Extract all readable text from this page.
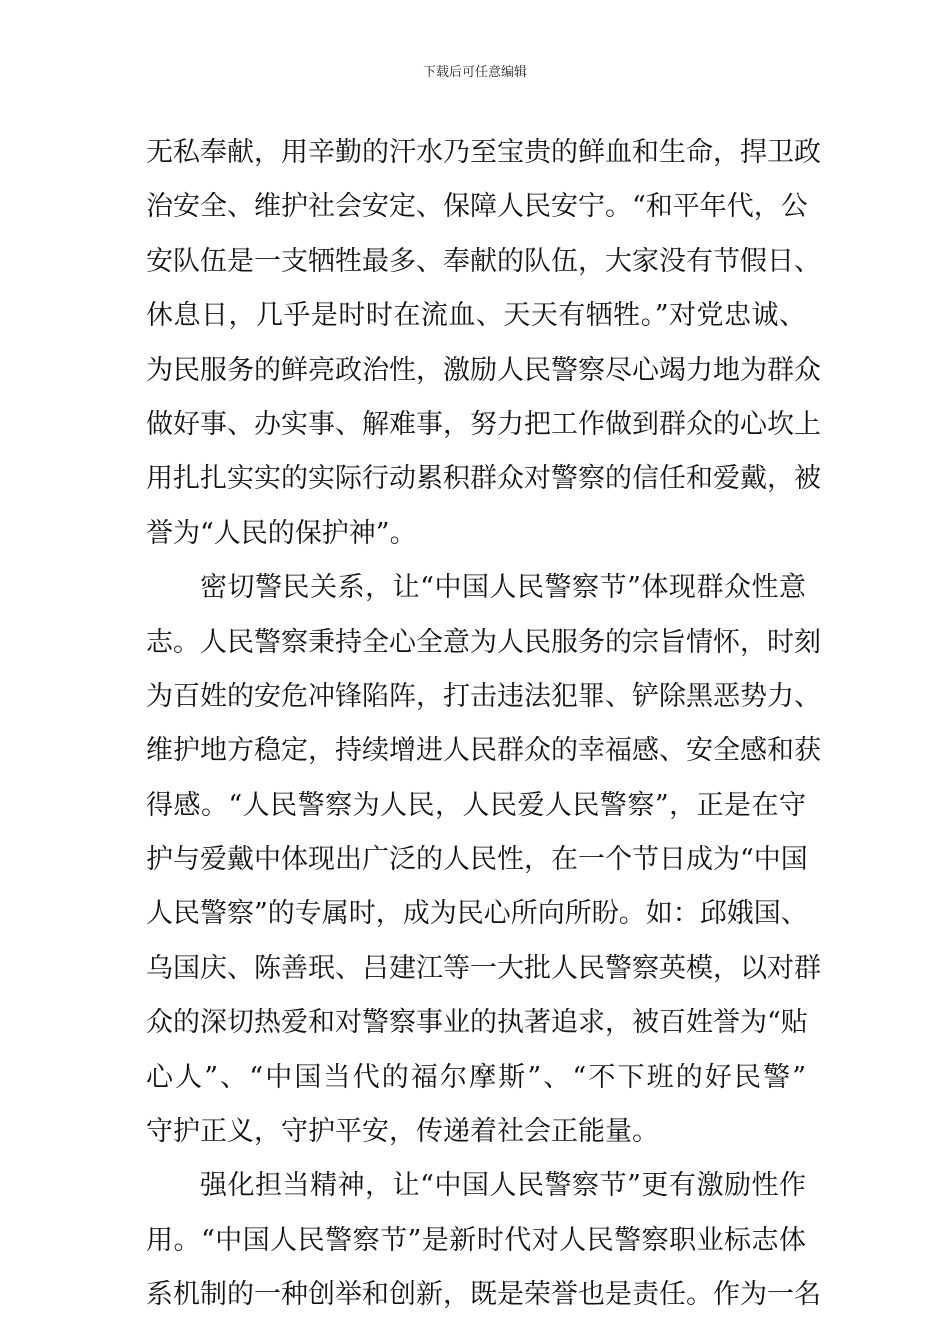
下载后可任意编辑
无私奉献，用辛勤的汗水乃至宝贵的鲜血和生命，捍卫政
治安全、维护社会安定、保障人民安宁。“和平年代，公
安队伍是一支牺牲最多、奉献的队伍，大家没有节假日、
休息日，几乎是时时在流血、天天有牺牲。”对党忠诚、
为民服务的鲜亮政治性，激励人民警察尽心竭力地为群众
做好事、办实事、解难事，努力把工作做到群众的心坎上
用扎扎实实的实际行动累积群众对警察的信任和爱戴，被
誉为“人民的保护神”。
密切警民关系，让“中国人民警察节”体现群众性意
志。人民警察秉持全心全意为人民服务的宗旨情怀，时刻
为百姓的安危冲锋陷阵，打击违法犯罪、铲除黑恶势力、
维护地方稳定，持续增进人民群众的幸福感、安全感和获
得感。“人民警察为人民，人民爱人民警察”，正是在守
护与爱戴中体现出广泛的人民性，在一个节日成为“中国
人民警察”的专属时，成为民心所向所盼。如：邱娥国、
乌国庆、陈善珉、吕建江等一大批人民警察英模，以对群
众的深切热爱和对警察事业的执著追求，被百姓誉为“贴
心人”、“中国当代的福尔摩斯”、“不下班的好民警”
守护正义，守护平安，传递着社会正能量。
强化担当精神，让“中国人民警察节”更有激励性作
用。“中国人民警察节”是新时代对人民警察职业标志体
系机制的一种创举和创新，既是荣誉也是责任。作为一名
